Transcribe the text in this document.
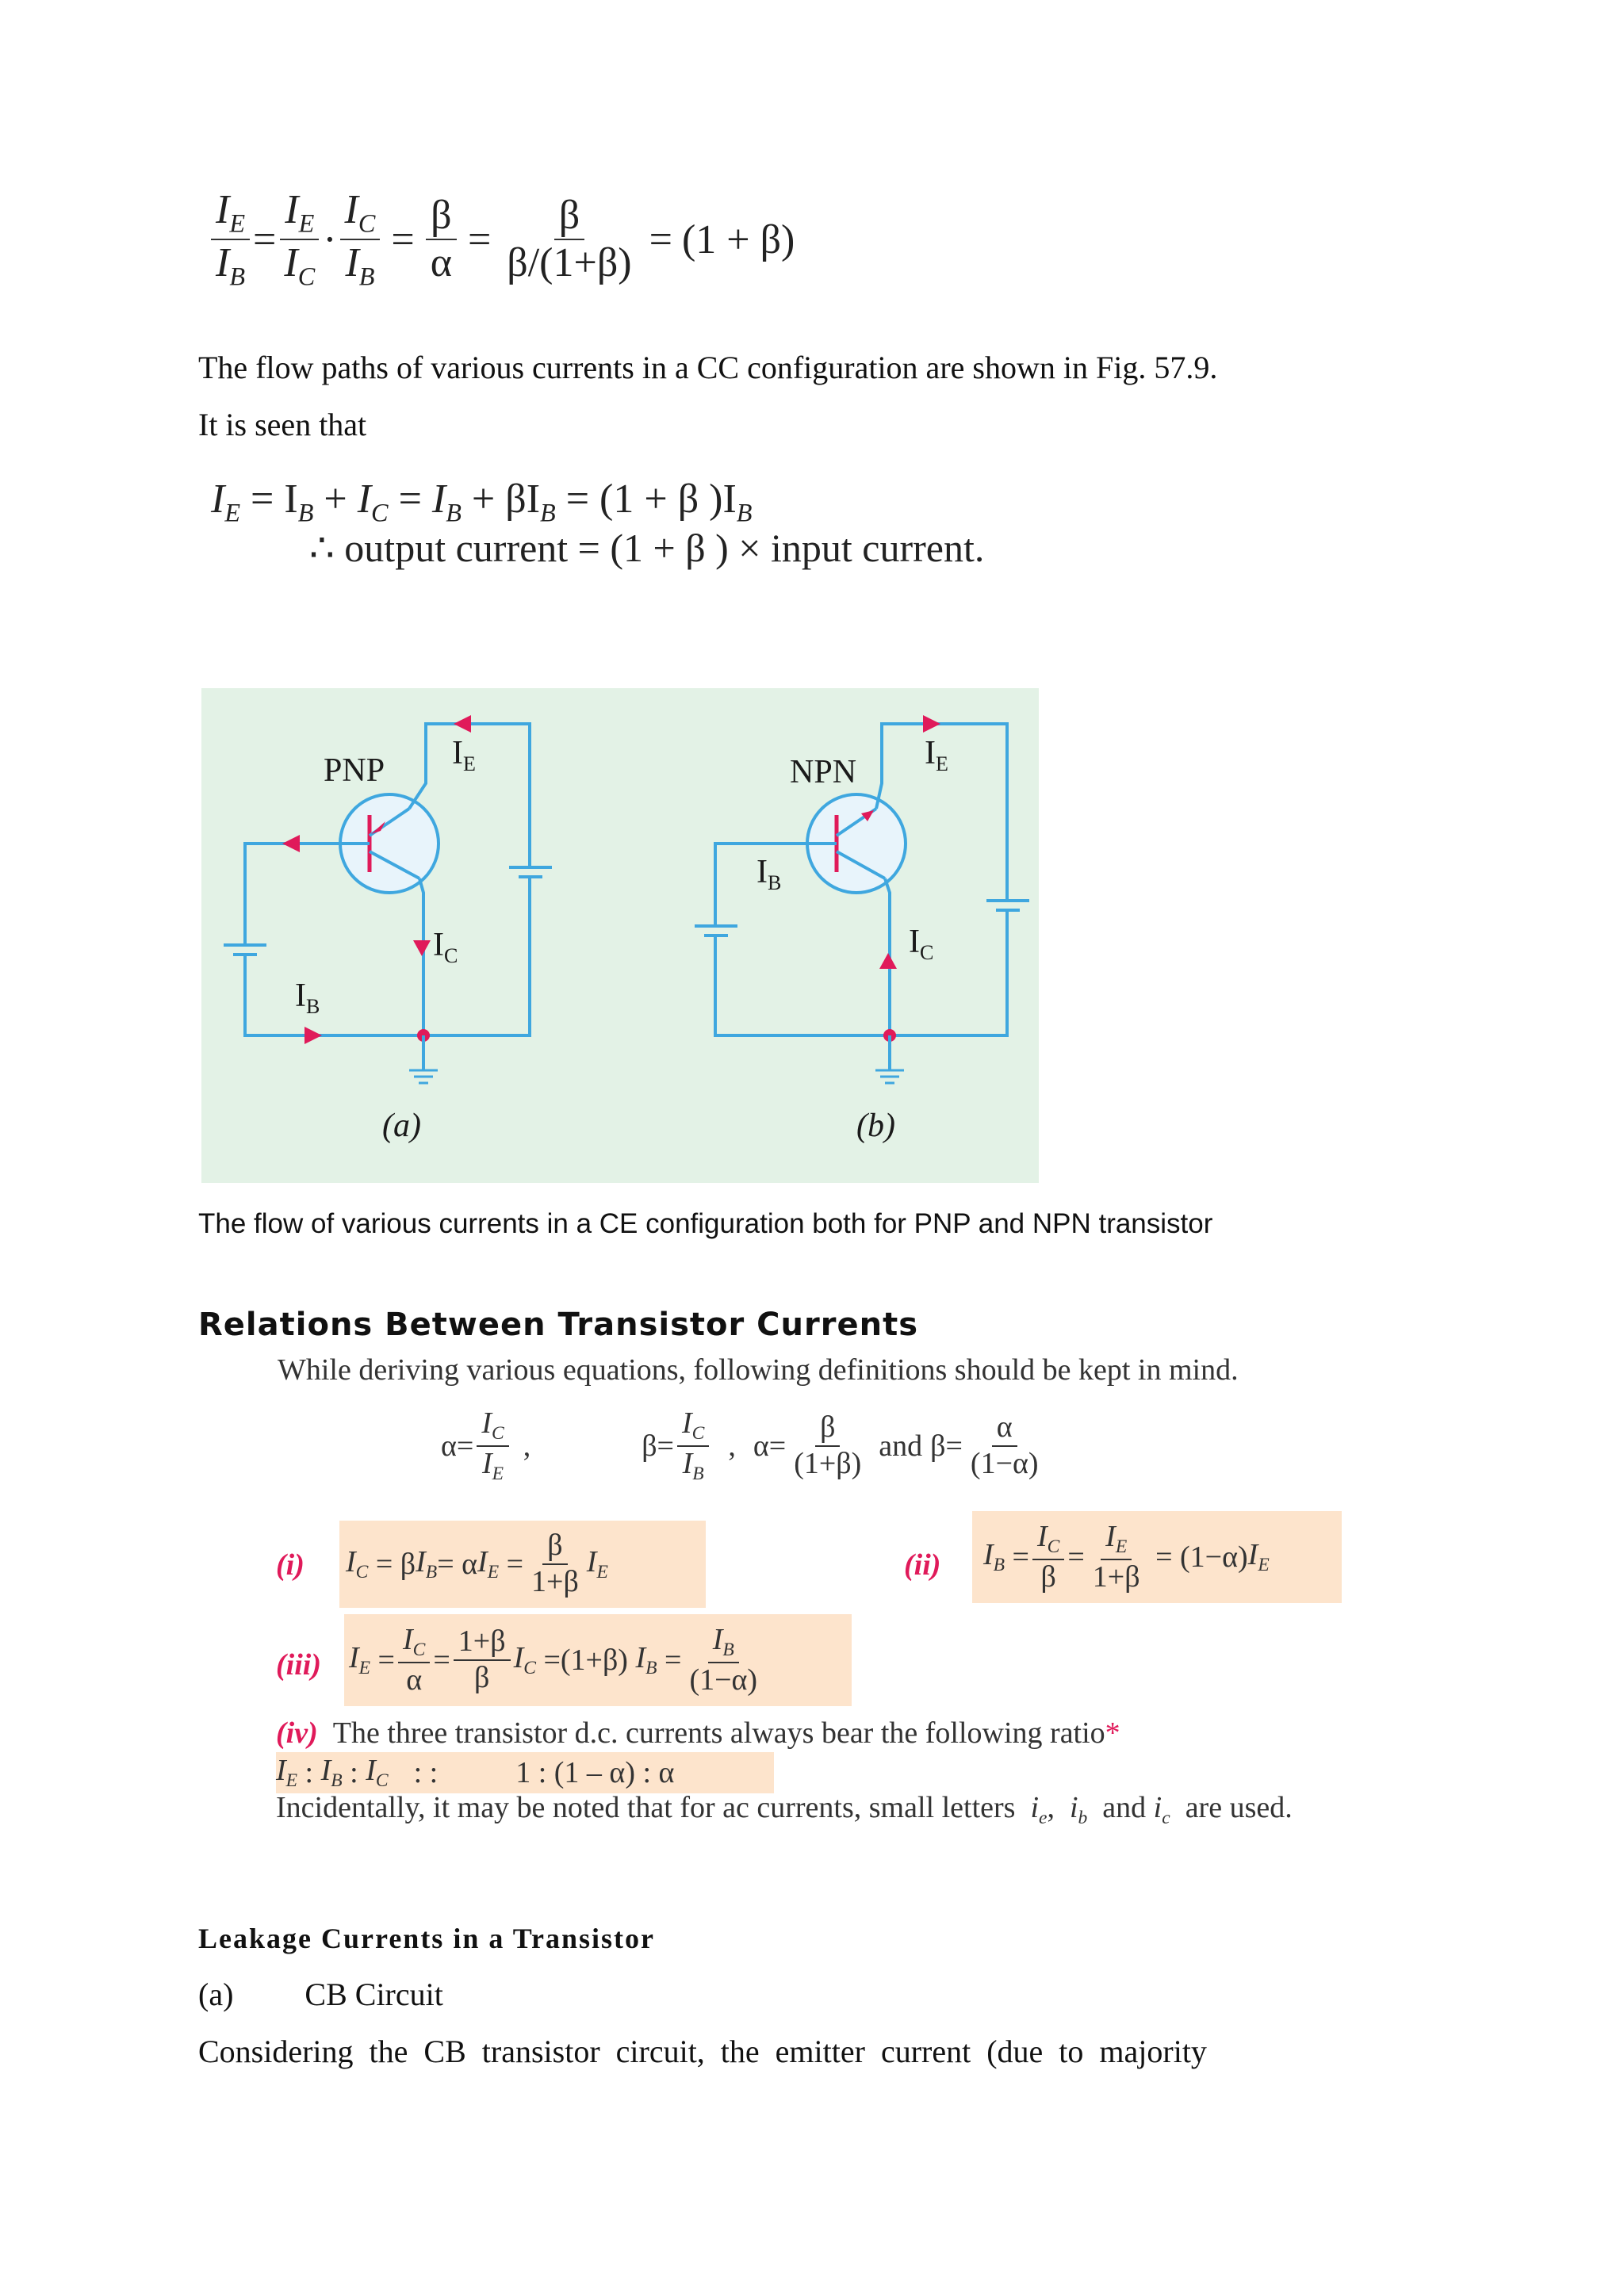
$\frac{I_E}{I_B} = \frac{I_E}{I_C} \cdot \frac{I_C}{I_B} = \frac{\beta}{\alpha} = \frac{\beta}{\beta/(1+\beta)} = (1 + \beta)$
The flow paths of various currents in a CC configuration are shown in Fig. 57.9.
It is seen that
$I_E = I_B + I_C = I_B + \beta I_B = (1 + \beta$ )$I_B$
∴ output current = (1 + β ) × input current.
PNP $I_E$
$I_C$
$I_B$
(a)
NPN
$I_E$
$I_C$
$I_B$
(b)
The flow of various currents in a CE configuration both for PNP and NPN transistor
Relations Between Transistor Currents
While deriving various equations, following definitions should be kept in mind.
$\alpha= \frac{I_C}{I_E}$ ,	$\beta= \frac{I_C}{I_B}$ , $\alpha= \frac{\beta}{(1+\beta)}$ and $\beta= \frac{\alpha}{(1-\alpha)}$
(i) $I_C = \beta$ $I_B = \alpha$ $I_E = \frac{\beta}{1+\beta} I_E$	(ii) $I_B = \frac{I_C}{\beta} = \frac{I_E}{1+\beta} = (1-\alpha)$ $I_E$
(iii) $I_E = \frac{I_C}{\alpha} = \frac{1+\beta}{\beta} I_C =(1+\beta) I_B = \frac{I_B}{(1-\alpha)}$
(iv) The three transistor d.c. currents always bear the following ratio*
$I_E$ : $I_B$ : $I_C$ : :	1 : (1 – α) : α
Incidentally, it may be noted that for ac currents, small letters  $i_e$,  $i_b$  and $i_c$  are used.
Leakage Currents in a Transistor
(a) CB Circuit
Considering  the  CB  transistor  circuit,  the  emitter  current  (due  to  majority
